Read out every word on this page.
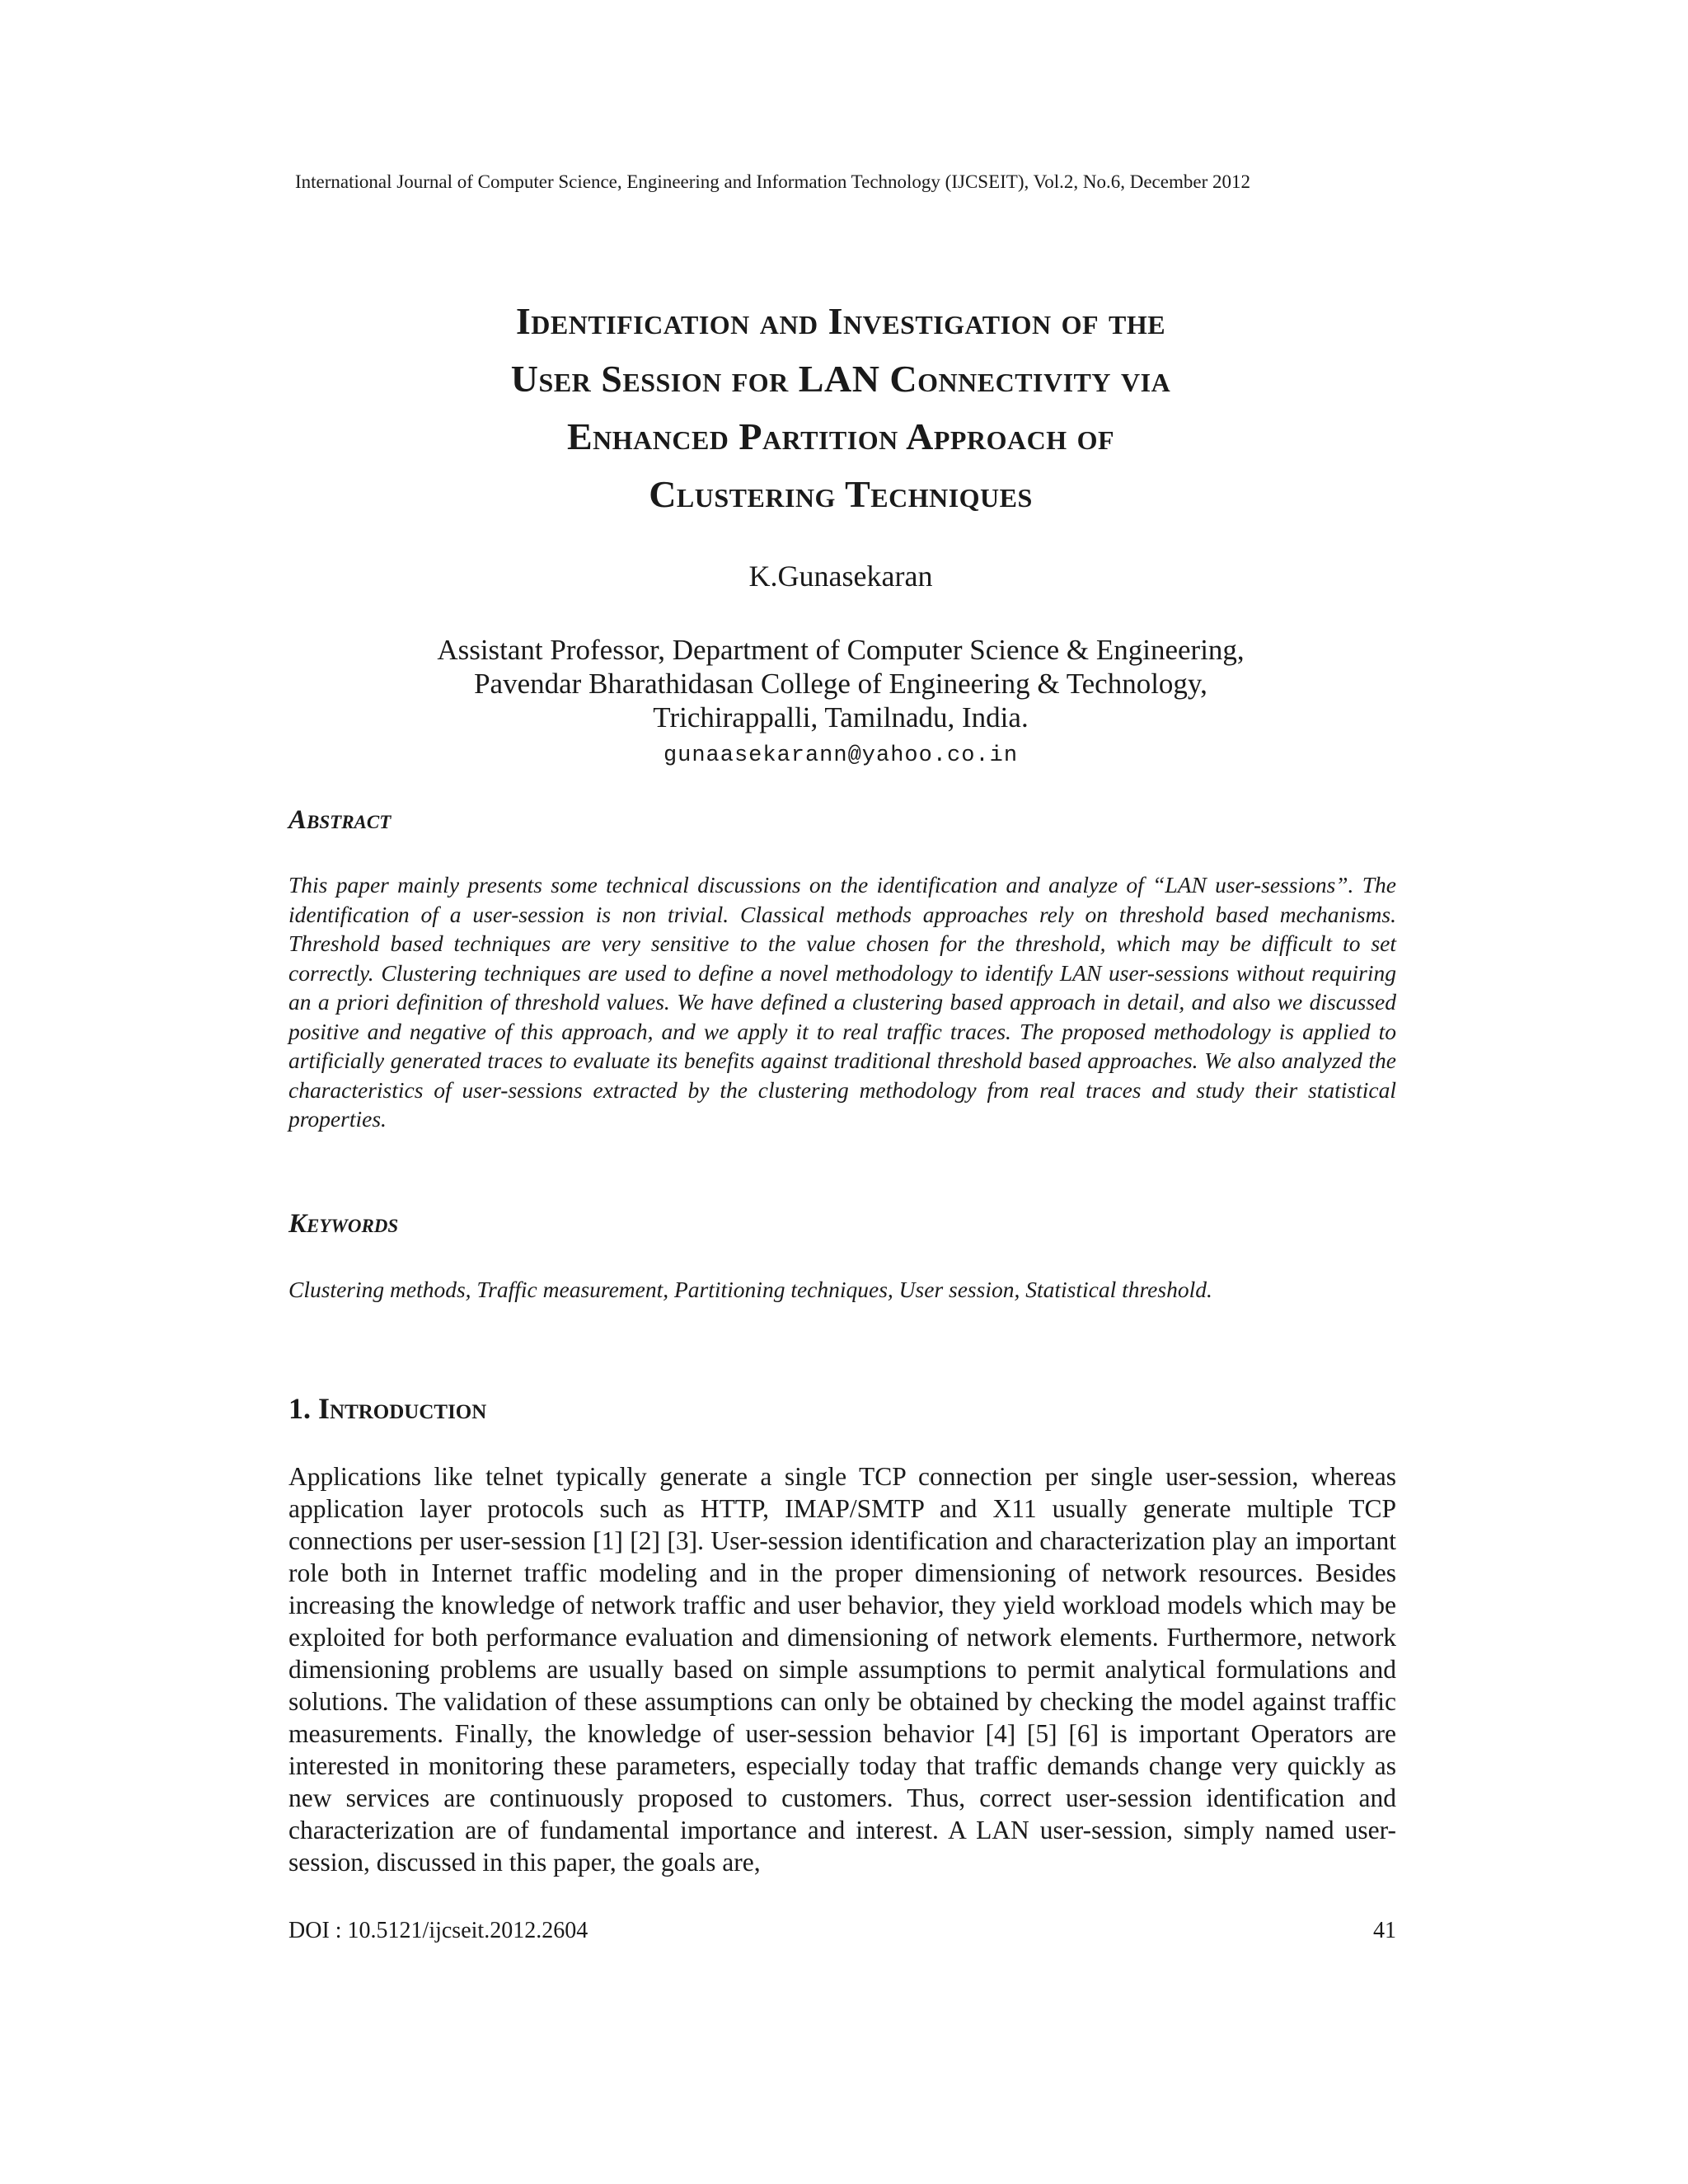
International Journal of Computer Science, Engineering and Information Technology (IJCSEIT), Vol.2, No.6, December 2012
Identification and Investigation of the
User Session for LAN Connectivity via
Enhanced Partition Approach of
Clustering Techniques
K.Gunasekaran
Assistant Professor, Department of Computer Science & Engineering,
Pavendar Bharathidasan College of Engineering & Technology,
Trichirappalli, Tamilnadu, India.
gunaasekarann@yahoo.co.in
Abstract

This paper mainly presents some technical discussions on the identification and analyze of “LAN user-sessions”. The identification of a user-session is non trivial. Classical methods approaches rely on threshold based mechanisms. Threshold based techniques are very sensitive to the value chosen for the threshold, which may be difficult to set correctly. Clustering techniques are used to define a novel methodology to identify LAN user-sessions without requiring an a priori definition of threshold values. We have defined a clustering based approach in detail, and also we discussed positive and negative of this approach, and we apply it to real traffic traces. The proposed methodology is applied to artificially generated traces to evaluate its benefits against traditional threshold based approaches. We also analyzed the characteristics of user-sessions extracted by the clustering methodology from real traces and study their statistical properties.

Keywords

Clustering methods, Traffic measurement, Partitioning techniques, User session, Statistical threshold.

1. Introduction

Applications like telnet typically generate a single TCP connection per single user-session, whereas application layer protocols such as HTTP, IMAP/SMTP and X11 usually generate multiple TCP connections per user-session [1] [2] [3]. User-session identification and characterization play an important role both in Internet traffic modeling and in the proper dimensioning of network resources. Besides increasing the knowledge of network traffic and user behavior, they yield workload models which may be exploited for both performance evaluation and dimensioning of network elements. Furthermore, network dimensioning problems are usually based on simple assumptions to permit analytical formulations and solutions. The validation of these assumptions can only be obtained by checking the model against traffic measurements. Finally, the knowledge of user-session behavior [4] [5] [6] is important Operators are interested in monitoring these parameters, especially today that traffic demands change very quickly as new services are continuously proposed to customers. Thus, correct user-session identification and characterization are of fundamental importance and interest. A LAN user-session, simply named user-session, discussed in this paper, the goals are,

DOI : 10.5121/ijcseit.2012.2604	41
